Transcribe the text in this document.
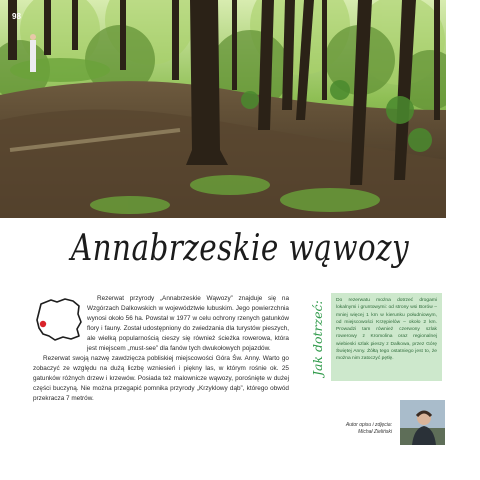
98
Annabrzeskie wąwozy

Rezerwat przyrody „Annabrzeskie Wąwozy” znajduje się na Wzgórzach Dalkowskich w województwie lubuskim. Jego powierzchnia wynosi około 56 ha. Powstał w 1977 w celu ochrony rzenych gatunków flory i fauny. Został udostępniony do zwiedzania dla turystów pieszych, ale wielką popularnością cieszy się również ścieżka rowerowa, która jest miejscem „must-see” dla fanów tych dwukołowych pojazdów.

Rezerwat swoją nazwę zawdzięcza pobliskiej miejscowości Góra Św. Anny. Warto go zobaczyć ze względu na dużą liczbę wzniesień i piękny las, w którym rośnie ok. 25 gatunków różnych drzew i krzewów. Posiada też malownicze wąwozy, porośnięte w dużej części buczyną. Nie można przegapić pomnika przyrody „Krzyklowy dąb”, którego obwód przekracza 7 metrów.

Jak dotrzeć:	Do rezerwatu można dotrzeć drogami lokalnymi i gruntowymi: od strony wsi Borów – mniej więcej 1 km w kierunku południowym, od miejscowości Krzępielów – około 2 km. Prowadzi tam również czerwony szlak rowerowy z Kromolina oraz regionalnej wiebieski szlak pieszy z Dalkowa, przez Górę Świętej Anny. Żółtą tego ostatniego jest to, że można nim zatoczyć pętlę.
Autor opisu i zdjęcia:
Michał Zieliński
